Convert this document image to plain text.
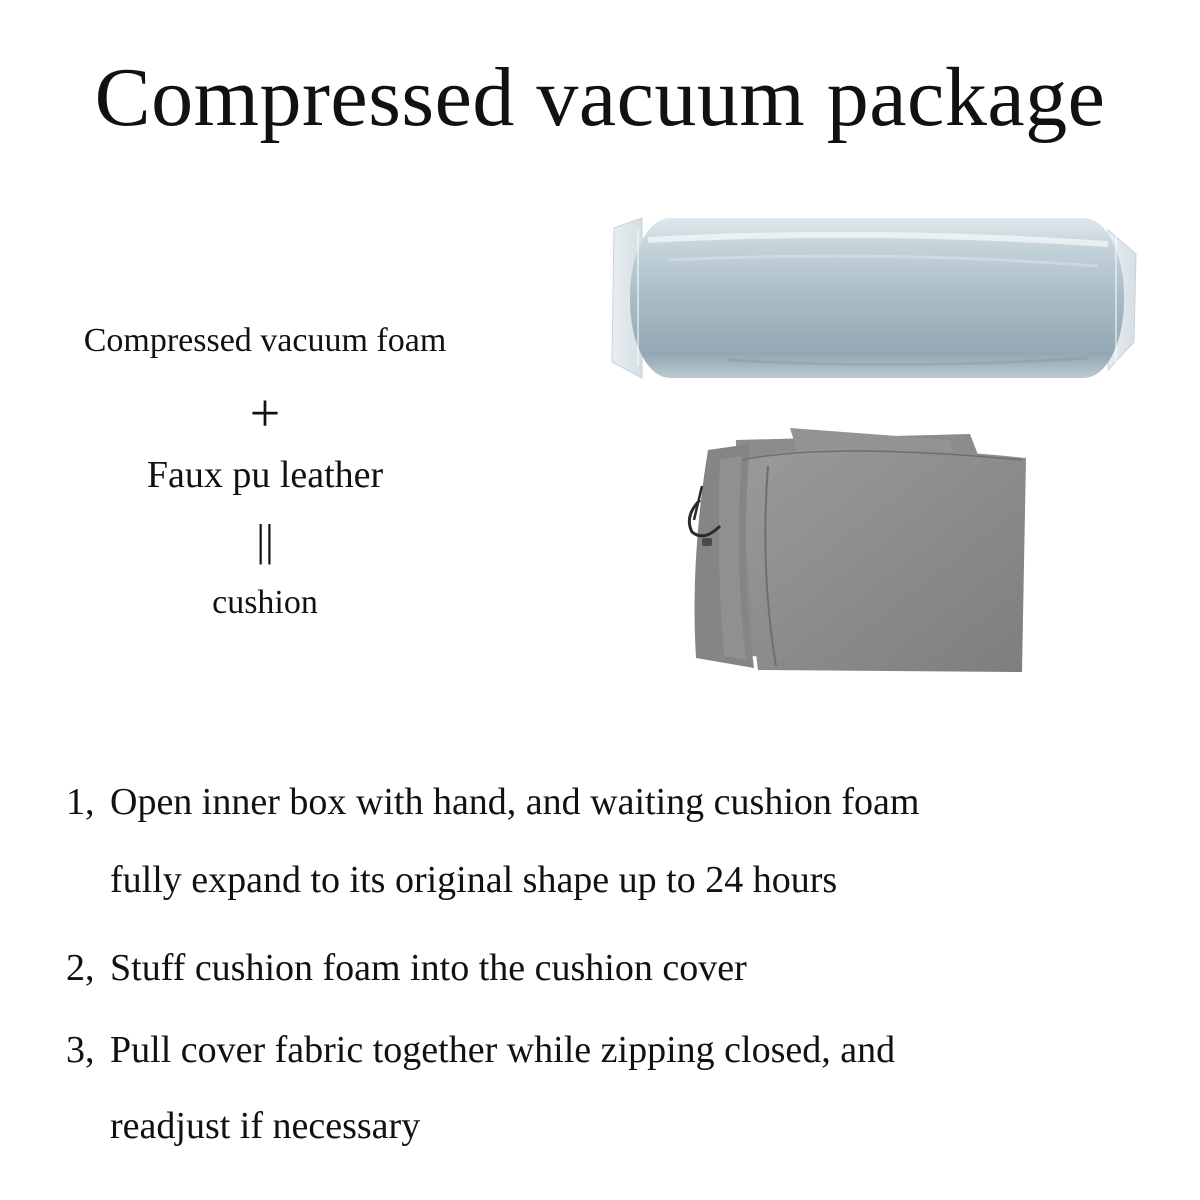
Compressed vacuum package
Compressed vacuum foam
+
Faux pu leather
||
cushion
1, Open inner box with hand, and waiting cushion foam
fully expand to its original shape up to 24 hours
2, Stuff cushion foam into the cushion cover
3, Pull cover fabric together while zipping closed, and
readjust if necessary
